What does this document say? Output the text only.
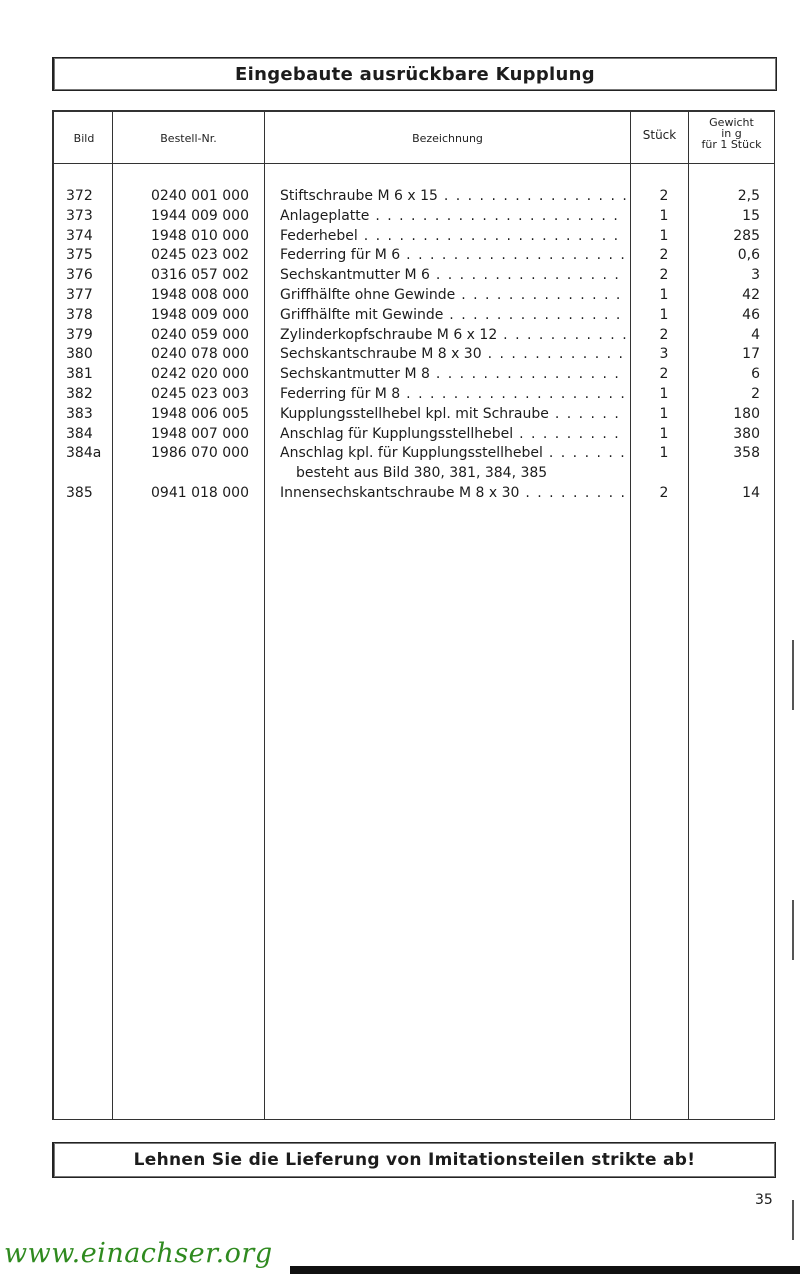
Eingebaute ausrückbare Kupplung
Bild	Bestell-Nr.	Bezeichnung	Stück
Gewicht
in g
für 1 Stück
372	0240 001 000 Stiftschraube M 6 x 15 . . .	2	2,5
373	1944 009 000 Anlageplatte . . .	1	15
374	1948 010 000 Federhebel . . .	1	285
375	0245 023 002 Federring für M 6 . . .	2	0,6
376	0316 057 002 Sechskantmutter M 6 . . .	2	3
377	1948 008 000 Griffhälfte ohne Gewinde . . .	1	42
378	1948 009 000 Griffhälfte mit Gewinde . . .	1	46
379	0240 059 000 Zylinderkopfschraube M 6 x 12 . . .	2	4
380	0240 078 000 Sechskantschraube M 8 x 30 . . .	3	17
381	0242 020 000 Sechskantmutter M 8 . . .	2	6
382	0245 023 003 Federring für M 8 . . .	1	2
383	1948 006 005 Kupplungsstellhebel kpl. mit Schraube . . .	1	180
384	1948 007 000 Anschlag für Kupplungsstellhebel . . .	1	380
384a	1986 070 000 Anschlag kpl. für Kupplungsstellhebel . . .	1	358
besteht aus Bild 380, 381, 384, 385
385	0941 018 000 Innensechskantschraube M 8 x 30 . . .	2	14
Lehnen Sie die Lieferung von Imitationsteilen strikte ab!
35
www.einachser.org
